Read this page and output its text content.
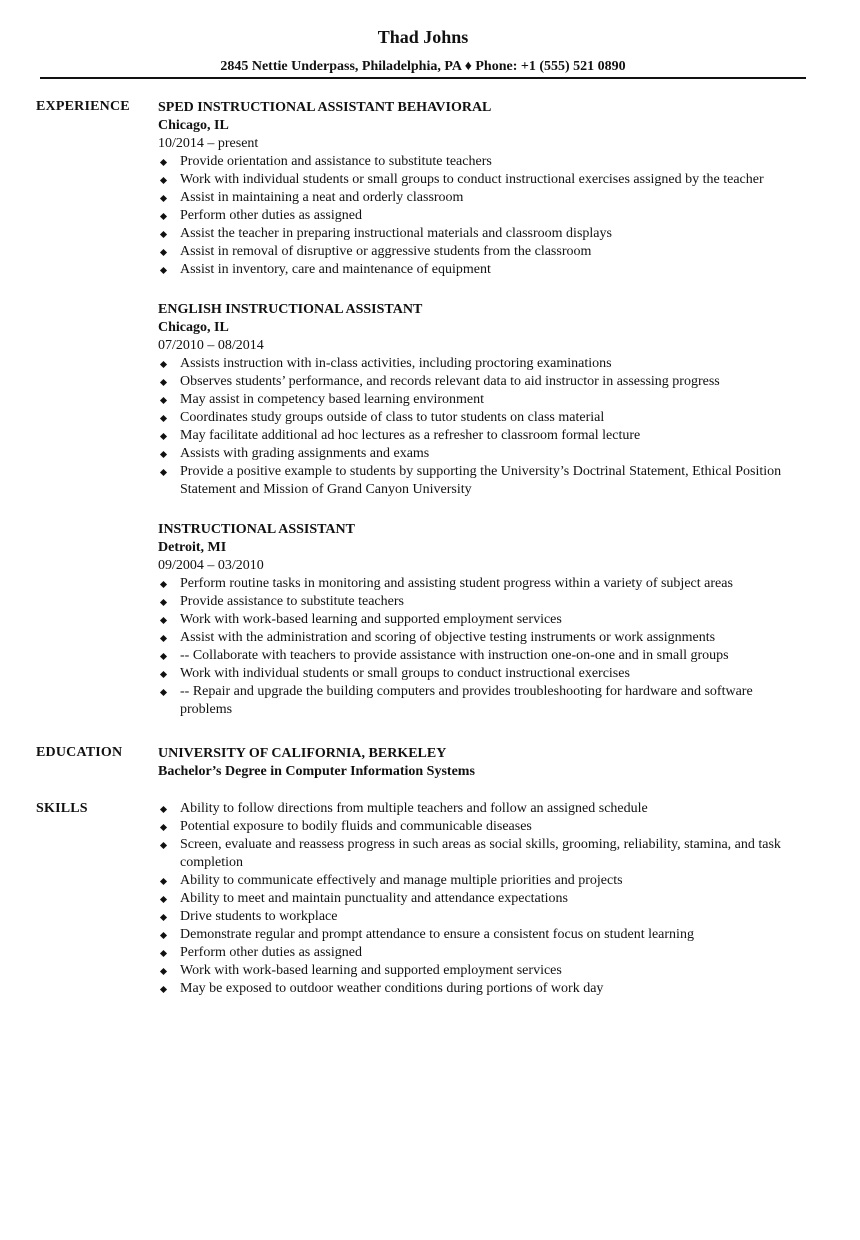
Thad Johns
2845 Nettie Underpass, Philadelphia, PA ♦ Phone: +1 (555) 521 0890
EXPERIENCE SPED INSTRUCTIONAL ASSISTANT BEHAVIORAL
Chicago, IL
10/2014 – present
Provide orientation and assistance to substitute teachers
Work with individual students or small groups to conduct instructional exercises assigned by the teacher
Assist in maintaining a neat and orderly classroom
Perform other duties as assigned
Assist the teacher in preparing instructional materials and classroom displays
Assist in removal of disruptive or aggressive students from the classroom
Assist in inventory, care and maintenance of equipment
ENGLISH INSTRUCTIONAL ASSISTANT
Chicago, IL
07/2010 – 08/2014
Assists instruction with in-class activities, including proctoring examinations
Observes students’ performance, and records relevant data to aid instructor in assessing progress
May assist in competency based learning environment
Coordinates study groups outside of class to tutor students on class material
May facilitate additional ad hoc lectures as a refresher to classroom formal lecture
Assists with grading assignments and exams
Provide a positive example to students by supporting the University’s Doctrinal Statement, Ethical Position Statement and Mission of Grand Canyon University
INSTRUCTIONAL ASSISTANT
Detroit, MI
09/2004 – 03/2010
Perform routine tasks in monitoring and assisting student progress within a variety of subject areas
Provide assistance to substitute teachers
Work with work-based learning and supported employment services
Assist with the administration and scoring of objective testing instruments or work assignments
-- Collaborate with teachers to provide assistance with instruction one-on-one and in small groups
Work with individual students or small groups to conduct instructional exercises
-- Repair and upgrade the building computers and provides troubleshooting for hardware and software problems
EDUCATION	UNIVERSITY OF CALIFORNIA, BERKELEY
Bachelor’s Degree in Computer Information Systems
SKILLS	Ability to follow directions from multiple teachers and follow an assigned schedule
Potential exposure to bodily fluids and communicable diseases
Screen, evaluate and reassess progress in such areas as social skills, grooming, reliability, stamina, and task completion
Ability to communicate effectively and manage multiple priorities and projects
Ability to meet and maintain punctuality and attendance expectations
Drive students to workplace
Demonstrate regular and prompt attendance to ensure a consistent focus on student learning
Perform other duties as assigned
Work with work-based learning and supported employment services
May be exposed to outdoor weather conditions during portions of work day
